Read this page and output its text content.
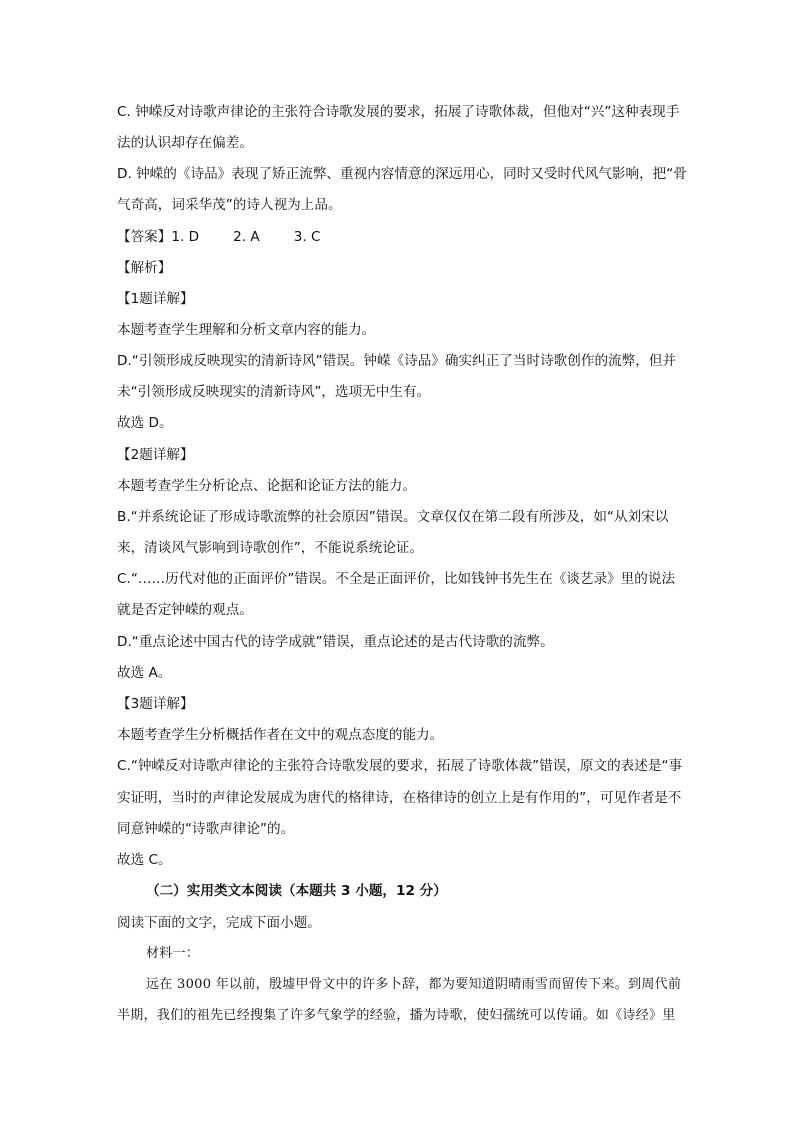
C. 钟嵘反对诗歌声律论的主张符合诗歌发展的要求，拓展了诗歌体裁，但他对“兴”这种表现手
法的认识却存在偏差。
D. 钟嵘的《诗品》表现了矫正流弊、重视内容情意的深远用心，同时又受时代风气影响，把“骨
气奇高，词采华茂”的诗人视为上品。
【答案】1. D	2. A	3. C
【解析】
【1题详解】
本题考查学生理解和分析文章内容的能力。
D.“引领形成反映现实的清新诗风”错误。钟嵘《诗品》确实纠正了当时诗歌创作的流弊，但并
未“引领形成反映现实的清新诗风”，选项无中生有。
故选 D。
【2题详解】
本题考查学生分析论点、论据和论证方法的能力。
B.“并系统论证了形成诗歌流弊的社会原因”错误。文章仅仅在第二段有所涉及，如“从刘宋以
来，清谈风气影响到诗歌创作”，不能说系统论证。
C.“……历代对他的正面评价”错误。不全是正面评价，比如钱钟书先生在《谈艺录》里的说法
就是否定钟嵘的观点。
D.“重点论述中国古代的诗学成就”错误，重点论述的是古代诗歌的流弊。
故选 A。
【3题详解】
本题考查学生分析概括作者在文中的观点态度的能力。
C.“钟嵘反对诗歌声律论的主张符合诗歌发展的要求，拓展了诗歌体裁”错误，原文的表述是“事
实证明，当时的声律论发展成为唐代的格律诗，在格律诗的创立上是有作用的”，可见作者是不
同意钟嵘的“诗歌声律论”的。
故选 C。
（二）实用类文本阅读（本题共 3 小题，12 分）
阅读下面的文字，完成下面小题。
材料一：
远在 3000 年以前，殷墟甲骨文中的许多卜辞，都为要知道阴晴雨雪而留传下来。到周代前
半期，我们的祖先已经搜集了许多气象学的经验，播为诗歌，使妇孺统可以传诵。如《诗经》里
